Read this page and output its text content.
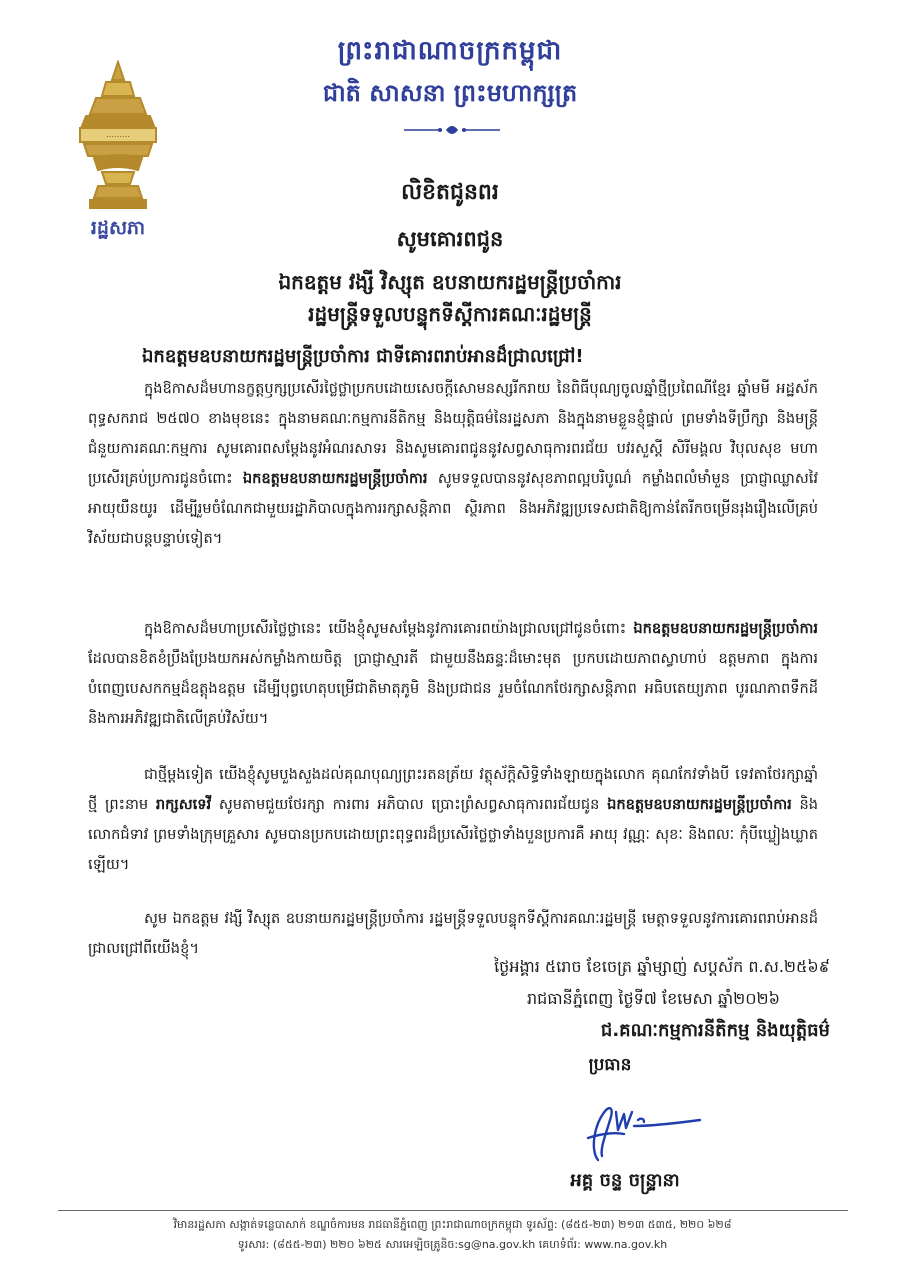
⋯⋯⋯
រដ្ឋសភា
ព្រះរាជាណាចក្រកម្ពុជា
ជាតិ សាសនា ព្រះមហាក្សត្រ
លិខិតជូនពរ
សូមគោរពជូន
ឯកឧត្តម វង្សី វិស្សុត ឧបនាយករដ្ឋមន្ត្រីប្រចាំការ
រដ្ឋមន្ត្រីទទួលបន្ទុកទីស្តីការគណៈរដ្ឋមន្ត្រី
ឯកឧត្តមឧបនាយករដ្ឋមន្ត្រីប្រចាំការ ជាទីគោរពរាប់អានដ៏ជ្រាលជ្រៅ!
ក្នុងឱកាសដ៏មហានក្ខត្តឫក្សប្រសើរថ្លៃថ្លាប្រកបដោយសេចក្តីសោមនស្សរីករាយ នៃពិធីបុណ្យចូលឆ្នាំថ្មីប្រពៃណីខ្មែរ ឆ្នាំមមី អដ្ឋស័ក ពុទ្ធសករាជ ២៥៧០ ខាងមុខនេះ ក្នុងនាមគណៈកម្មការនីតិកម្ម និងយុត្តិធម៌នៃរដ្ឋសភា និងក្នុងនាមខ្លួនខ្ញុំផ្ទាល់ ព្រមទាំងទីប្រឹក្សា និងមន្ត្រីជំនួយការគណៈកម្មការ សូមគោរពសម្តែងនូវអំណរសាទរ និងសូមគោរពជូននូវសព្វសាធុការពរជ័យ បវរសួស្តី សិរីមង្គល វិបុលសុខ មហាប្រសើរគ្រប់ប្រការជូនចំពោះ ឯកឧត្តមឧបនាយករដ្ឋមន្ត្រីប្រចាំការ សូមទទួលបាននូវសុខភាពល្អបរិបូណ៌ កម្លាំងពលំមាំមួន ប្រាជ្ញាឈ្លាសវៃ អាយុយឺនយូរ ដើម្បីរួមចំណែកជាមួយរដ្ឋាភិបាលក្នុងការរក្សាសន្តិភាព ស្ថិរភាព និងអភិវឌ្ឍប្រទេសជាតិឱ្យកាន់តែរីកចម្រើនរុងរឿងលើគ្រប់វិស័យជាបន្តបន្ទាប់ទៀត។
ក្នុងឱកាសដ៏មហាប្រសើរថ្លៃថ្លានេះ យើងខ្ញុំសូមសម្តែងនូវការគោរពយ៉ាងជ្រាលជ្រៅជូនចំពោះ ឯកឧត្តមឧបនាយករដ្ឋមន្ត្រីប្រចាំការ ដែលបានខិតខំប្រឹងប្រែងយកអស់កម្លាំងកាយចិត្ត ប្រាជ្ញាស្មារតី ជាមួយនឹងឆន្ទៈដ៏មោះមុត ប្រកបដោយភាពស្វាហាប់ ឧត្តមភាព ក្នុងការបំពេញបេសកកម្មដ៏ឧត្តុងឧត្តម ដើម្បីបុព្វហេតុបម្រើជាតិមាតុភូមិ និងប្រជាជន រួមចំណែកថែរក្សាសន្តិភាព អធិបតេយ្យភាព បូរណភាពទឹកដី និងការអភិវឌ្ឍជាតិលើគ្រប់វិស័យ។
ជាថ្មីម្តងទៀត យើងខ្ញុំសូមបួងសួងដល់គុណបុណ្យព្រះរតនត្រ័យ វត្ថុស័ក្តិសិទ្ធិទាំងឡាយក្នុងលោក គុណកែវទាំងបី ទេវតាថែរក្សាឆ្នាំថ្មី ព្រះនាម រាក្សសទេវី សូមតាមជួយថែរក្សា ការពារ អភិបាល ប្រោះព្រំសព្វសាធុការពរជ័យជូន ឯកឧត្តមឧបនាយករដ្ឋមន្ត្រីប្រចាំការ និងលោកជំទាវ ព្រមទាំងក្រុមគ្រួសារ សូមបានប្រកបដោយព្រះពុទ្ធពរដ៏ប្រសើរថ្លៃថ្លាទាំងបួនប្រការគឺ អាយុ វណ្ណៈ សុខៈ និងពលៈ កុំបីឃ្លៀងឃ្លាតឡើយ។
សូម ឯកឧត្តម វង្សី វិស្សុត ឧបនាយករដ្ឋមន្ត្រីប្រចាំការ រដ្ឋមន្ត្រីទទួលបន្ទុកទីស្តីការគណៈរដ្ឋមន្ត្រី មេត្តាទទួលនូវការគោរពរាប់អានដ៏ជ្រាលជ្រៅពីយើងខ្ញុំ។
ថ្ងៃអង្គារ ៥រោច ខែចេត្រ ឆ្នាំម្សាញ់ សប្តស័ក ព.ស.២៥៦៩
រាជធានីភ្នំពេញ ថ្ងៃទី៧ ខែមេសា ឆ្នាំ២០២៦
ជ.គណៈកម្មការនីតិកម្ម និងយុត្តិធម៌
ប្រធាន
អគ្គ ចន្ទ ចន្ទ្រានា
វិមានរដ្ឋសភា សង្កាត់ទន្លេបាសាក់ ខណ្ឌចំការមន រាជធានីភ្នំពេញ ព្រះរាជាណាចក្រកម្ពុជា ទូរស័ព្ទ: (៨៥៥-២៣) ២១៣ ៥៣៥, ២២០ ៦២៨
ទូរសារ: (៨៥៥-២៣) ២២០ ៦២៥ សារអេឡិចត្រូនិច:sg@na.gov.kh គេហទំព័រ: www.na.gov.kh
